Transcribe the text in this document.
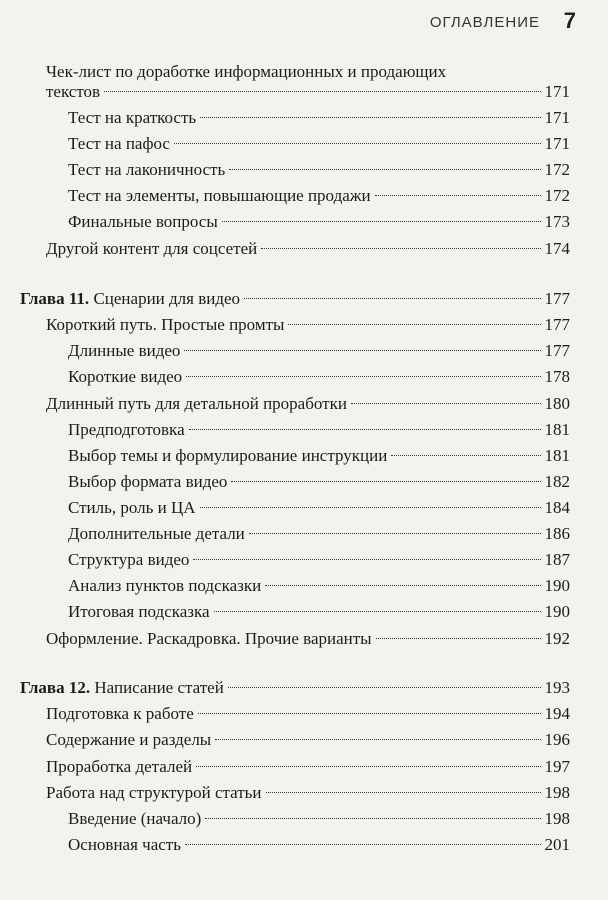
ОГЛАВЛЕНИЕ 7
Чек-лист по доработке информационных и продающих
текстов	171
Тест на краткость	171
Тест на пафос	171
Тест на лаконичность	172
Тест на элементы, повышающие продажи	172
Финальные вопросы	173
Другой контент для соцсетей	174
Глава 11. Сценарии для видео	177
Короткий путь. Простые промты	177
Длинные видео	177
Короткие видео	178
Длинный путь для детальной проработки	180
Предподготовка	181
Выбор темы и формулирование инструкции	181
Выбор формата видео	182
Стиль, роль и ЦА	184
Дополнительные детали	186
Структура видео	187
Анализ пунктов подсказки	190
Итоговая подсказка	190
Оформление. Раскадровка. Прочие варианты	192
Глава 12. Написание статей	193
Подготовка к работе	194
Содержание и разделы	196
Проработка деталей	197
Работа над структурой статьи	198
Введение (начало)	198
Основная часть	201
